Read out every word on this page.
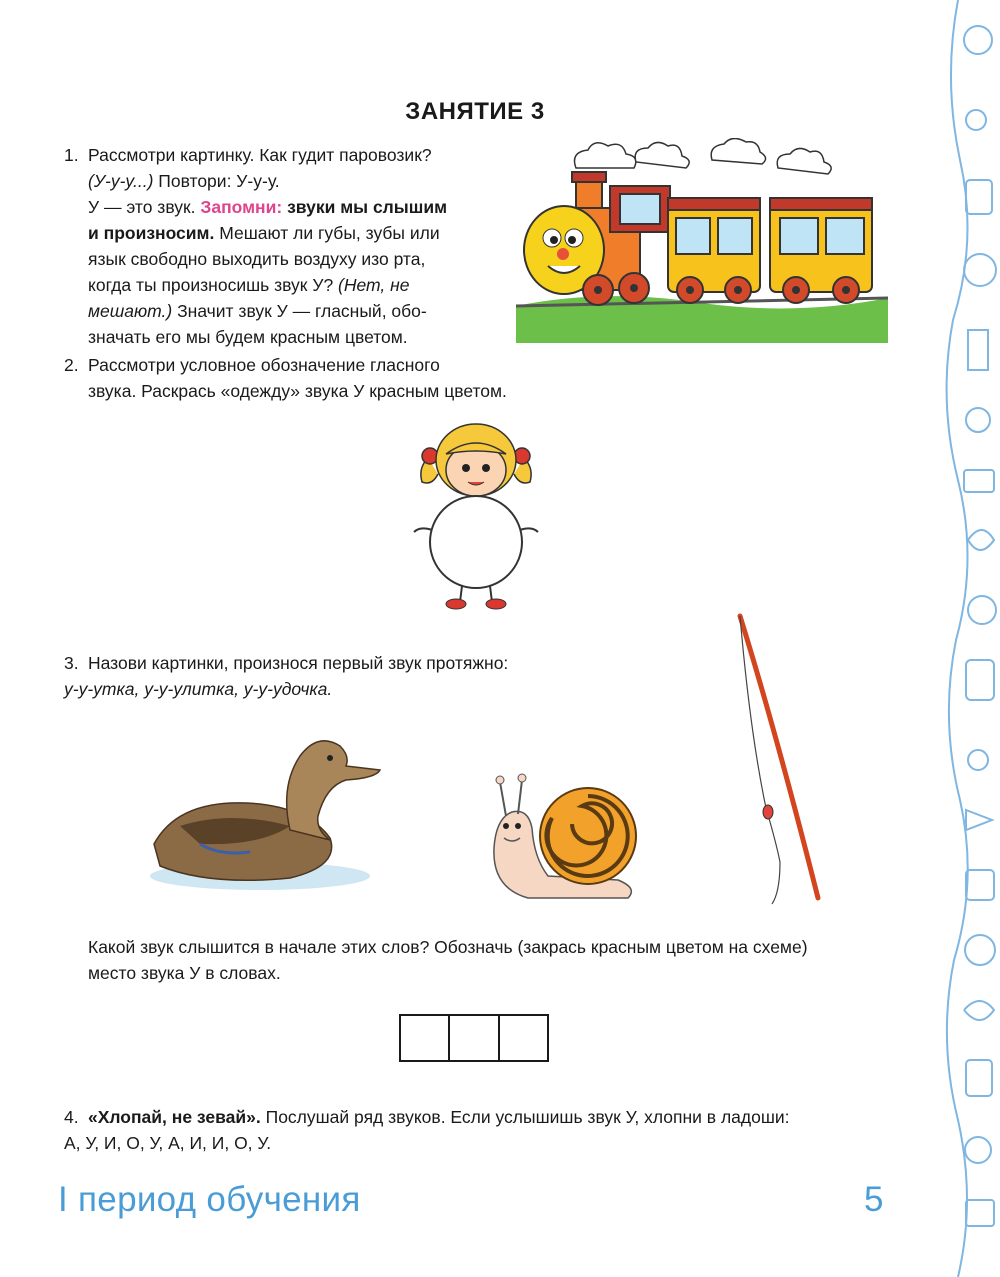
ЗАНЯТИЕ 3
1. Рассмотри картинку. Как гудит паровозик?
(У-у-у...) Повтори: У-у-у.
У — это звук. Запомни: звуки мы слышим
и произносим. Мешают ли губы, зубы или
язык свободно выходить воздуху изо рта,
когда ты произносишь звук У? (Нет, не
мешают.) Значит звук У — гласный, обо-
значать его мы будем красным цветом.
2. Рассмотри условное обозначение гласного
звука. Раскрась «одежду» звука У красным цветом.
3. Назови картинки, произнося первый звук протяжно:
у-у-утка, у-у-улитка, у-у-удочка.
Какой звук слышится в начале этих слов? Обозначь (закрась красным цветом на схеме)
место звука У в словах.
4. «Хлопай, не зевай». Послушай ряд звуков. Если услышишь звук У, хлопни в ладоши:
А, У, И, О, У, А, И, И, О, У.
I период обучения	5
